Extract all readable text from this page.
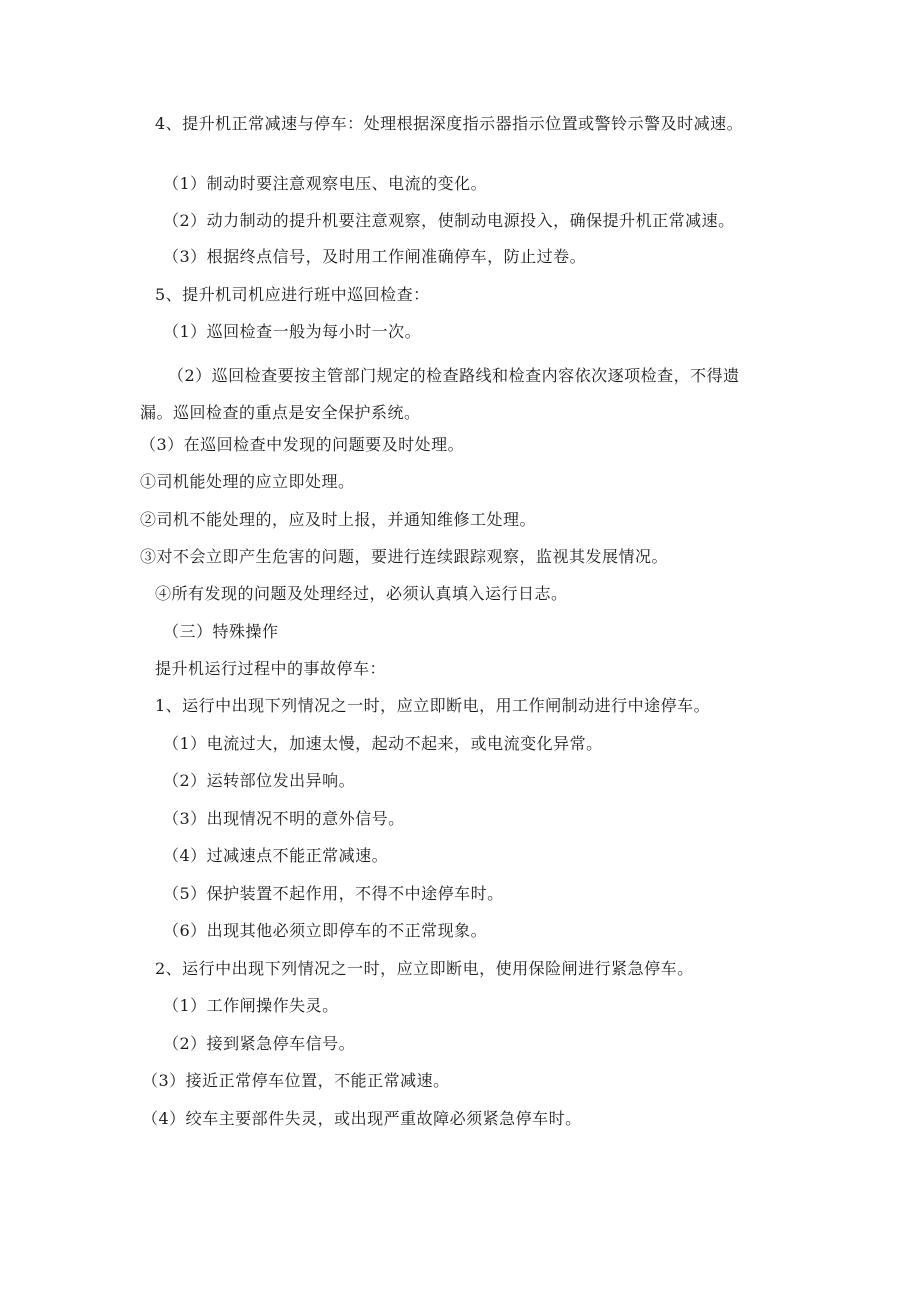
4、提升机正常减速与停车：处理根据深度指示器指示位置或警铃示警及时减速。
（1）制动时要注意观察电压、电流的变化。
（2）动力制动的提升机要注意观察，使制动电源投入，确保提升机正常减速。
（3）根据终点信号，及时用工作闸准确停车，防止过卷。
5、提升机司机应进行班中巡回检查：
（1）巡回检查一般为每小时一次。
（2）巡回检查要按主管部门规定的检查路线和检查内容依次逐项检查，不得遗漏。巡回检查的重点是安全保护系统。
（3）在巡回检查中发现的问题要及时处理。
①司机能处理的应立即处理。
②司机不能处理的，应及时上报，并通知维修工处理。
③对不会立即产生危害的问题，要进行连续跟踪观察，监视其发展情况。
④所有发现的问题及处理经过，必须认真填入运行日志。
（三）特殊操作
提升机运行过程中的事故停车：
1、运行中出现下列情况之一时，应立即断电，用工作闸制动进行中途停车。
（1）电流过大，加速太慢，起动不起来，或电流变化异常。
（2）运转部位发出异响。
（3）出现情况不明的意外信号。
（4）过减速点不能正常减速。
（5）保护装置不起作用，不得不中途停车时。
（6）出现其他必须立即停车的不正常现象。
2、运行中出现下列情况之一时，应立即断电，使用保险闸进行紧急停车。
（1）工作闸操作失灵。
（2）接到紧急停车信号。
（3）接近正常停车位置，不能正常减速。
（4）绞车主要部件失灵，或出现严重故障必须紧急停车时。
